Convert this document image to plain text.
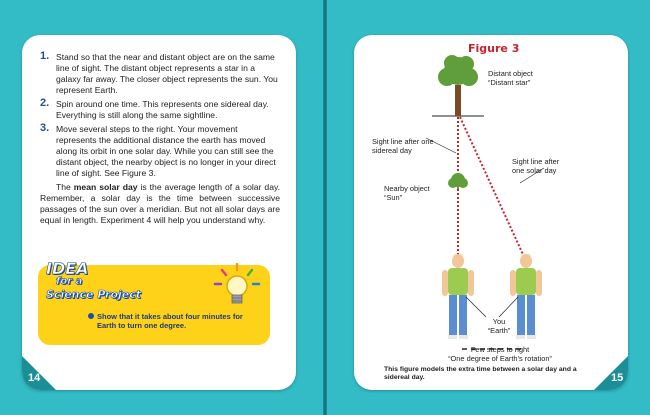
14
1. Stand so that the near and distant object are on the same line of sight. The distant object represents a star in a galaxy far away. The closer object represents the sun. You represent Earth.
2. Spin around one time. This represents one sidereal day. Everything is still along the same sightline.
3. Move several steps to the right. Your movement represents the additional distance the earth has moved along its orbit in one solar day. While you can still see the distant object, the nearby object is no longer in your direct line of sight. See Figure 3.

The mean solar day is the average length of a solar day. Remember, a solar day is the time between successive passages of the sun over a meridian. But not all solar days are equal in length. Experiment 4 will help you understand why.

IDEA
for a
Science Project
Show that it takes about four minutes for Earth to turn one degree.
15
Figure 3
Distant object
“Distant star”
Sight line after one
sidereal day
Sight line after
one solar day
Nearby object
“Sun”
You
“Earth”
Few steps to right
“One degree of Earth’s rotation”
This figure models the extra time between a solar day and a sidereal day.
